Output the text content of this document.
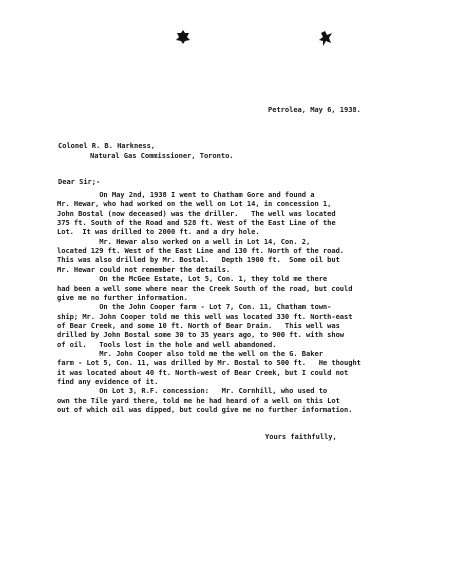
Petrolea, May 6, 1938.
Colonel R. B. Harkness,
Natural Gas Commissioner, Toronto.
Dear Sir;-
On May 2nd, 1938 I went to Chatham Gore and found a
Mr. Hewar, who had worked on the well on Lot 14, in concession 1,
John Bostal (now deceased) was the driller.   The well was located
375 ft. South of the Road and 528 ft. West of the East Line of the
Lot.  It was drilled to 2000 ft. and a dry hole.
Mr. Hewar also worked on a well in Lot 14, Con. 2,
located 129 ft. West of the East Line and 130 ft. North of the road.
This was also drilled by Mr. Bostal.   Depth 1900 ft.  Some oil but
Mr. Hewar could not remember the details.
On the McGee Estate, Lot 5, Con. 1, they told me there
had been a well some where near the Creek South of the road, but could
give me no further information.
On the John Cooper farm - Lot 7, Con. 11, Chatham town-
ship; Mr. John Cooper told me this well was located 330 ft. North-east
of Bear Creek, and some 10 ft. North of Bear Drain.   This well was
drilled by John Bostal some 30 to 35 years ago, to 900 ft. with show
of oil.   Tools lost in the hole and well abandoned.
Mr. John Cooper also told me the well on the G. Baker
farm - Lot 5, Con. 11, was drilled by Mr. Bostal to 500 ft.   He thought
it was located about 40 ft. North-west of Bear Creek, but I could not
find any evidence of it.
On Lot 3, R.F. concession:   Mr. Cornhill, who used to
own the Tile yard there, told me he had heard of a well on this Lot
out of which oil was dipped, but could give me no further information.
Yours faithfully,
